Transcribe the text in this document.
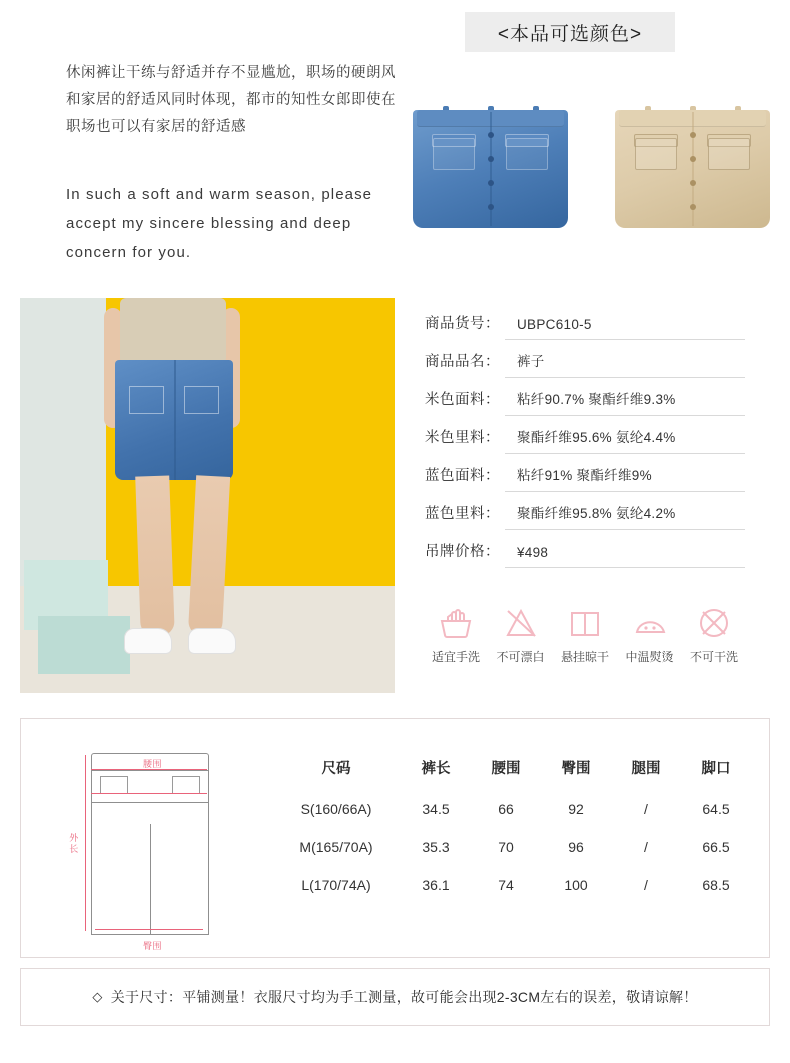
<本品可选颜色>
休闲裤让干练与舒适并存不显尴尬，职场的硬朗风和家居的舒适风同时体现，都市的知性女郎即使在职场也可以有家居的舒适感
In such a soft and warm season, please accept my sincere blessing and deep concern for you.
商品货号：	UBPC610-5
商品品名：	裤子
米色面料：	粘纤90.7% 聚酯纤维9.3%
米色里料：	聚酯纤维95.6% 氨纶4.4%
蓝色面料：	粘纤91% 聚酯纤维9%
蓝色里料：	聚酯纤维95.8% 氨纶4.2%
吊牌价格：	¥498
适宜手洗	不可漂白	悬挂晾干	中温熨烫	不可干洗
腰围
臀围
外长
尺码	裤长	腰围	臀围	腿围	脚口
S(160/66A)	34.5	66	92	/	64.5
M(165/70A)	35.3	70	96	/	66.5
L(170/74A)	36.1	74	100	/	68.5
◇ 关于尺寸：平铺测量！衣服尺寸均为手工测量，故可能会出现2-3CM左右的误差，敬请谅解！
